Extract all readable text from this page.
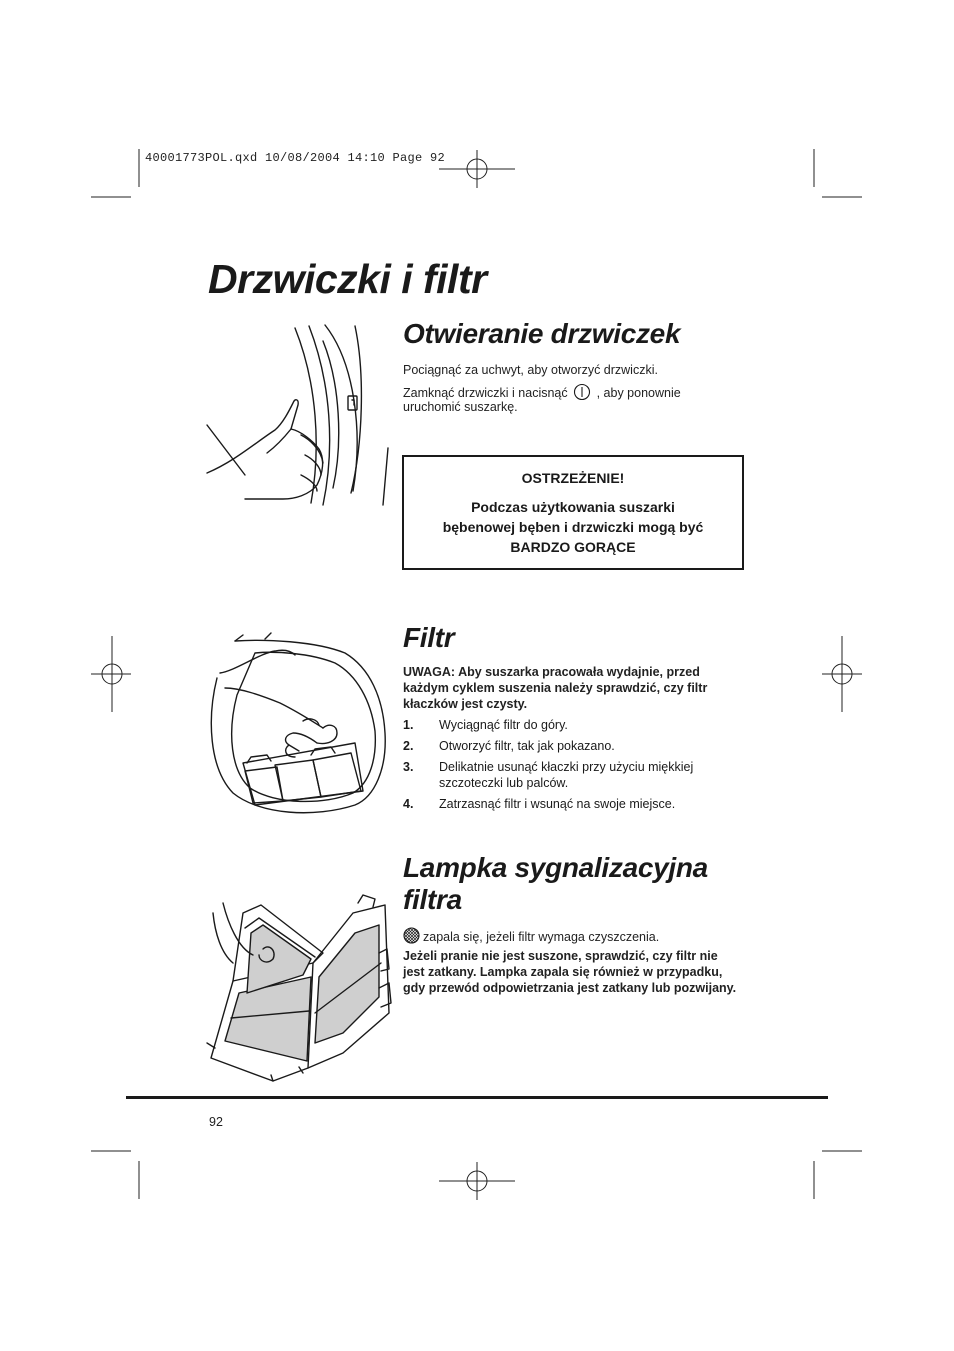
40001773POL.qxd 10/08/2004 14:10 Page 92
Drzwiczki i filtr
Otwieranie drzwiczek
Pociągnąć za uchwyt, aby otworzyć drzwiczki.
Zamknąć drzwiczki i nacisnąć , aby ponownie
uruchomić suszarkę.
OSTRZEŻENIE!
Podczas użytkowania suszarki
bębenowej bęben i drzwiczki mogą być
BARDZO GORĄCE
Filtr
UWAGA: Aby suszarka pracowała wydajnie, przed każdym cyklem suszenia należy sprawdzić, czy filtr kłaczków jest czysty.
1.	Wyciągnąć filtr do góry.
2.	Otworzyć filtr, tak jak pokazano.
3.	Delikatnie usunąć kłaczki przy użyciu miękkiej szczoteczki lub palców.
4.	Zatrzasnąć filtr i wsunąć na swoje miejsce.
Lampka sygnalizacyjna
filtra
zapala się, jeżeli filtr wymaga czyszczenia.
Jeżeli pranie nie jest suszone, sprawdzić, czy filtr nie jest zatkany. Lampka zapala się również w przypadku, gdy przewód odpowietrzania jest zatkany lub pozwijany.
92
